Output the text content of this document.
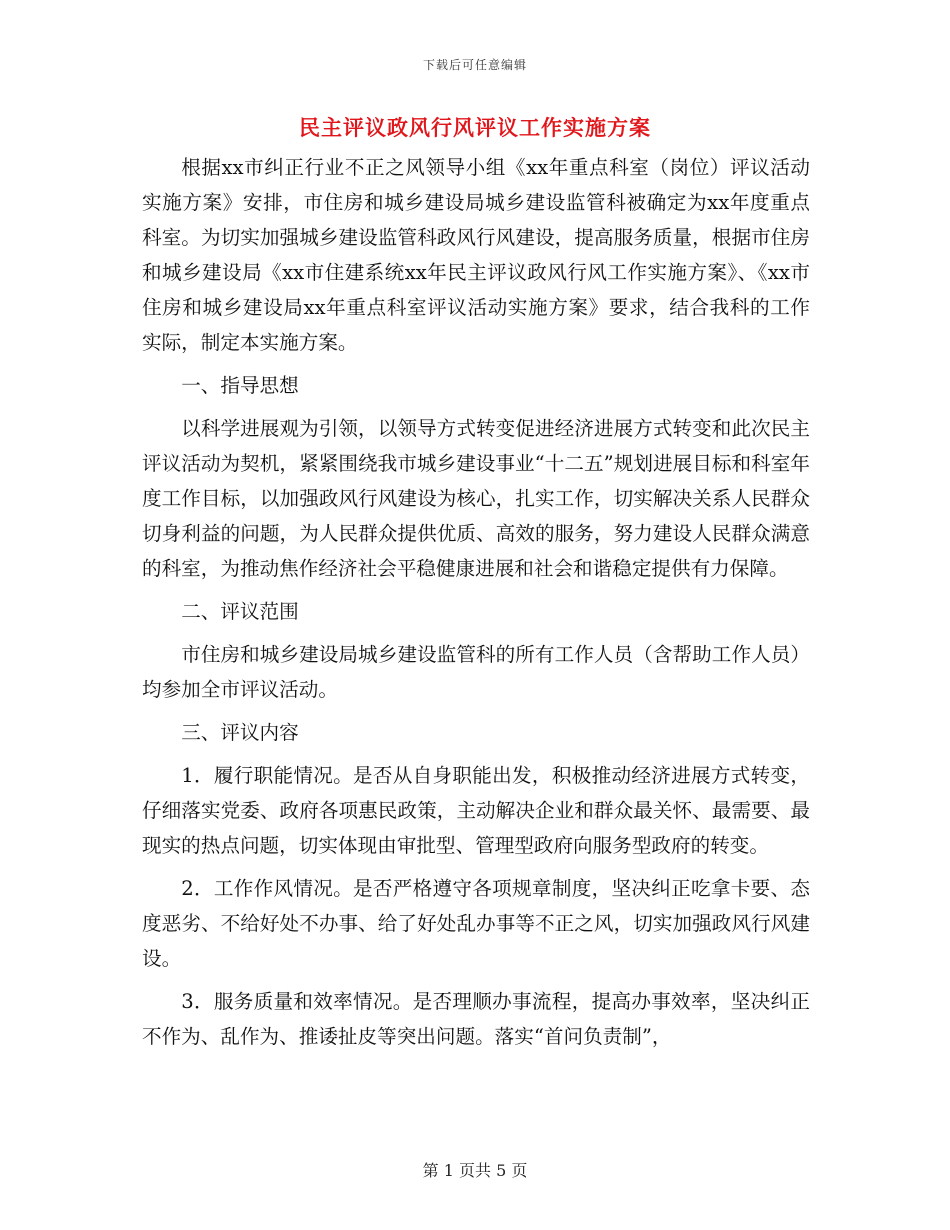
下载后可任意编辑
民主评议政风行风评议工作实施方案

根据xx市纠正行业不正之风领导小组《xx年重点科室（岗位）评议活动实施方案》安排，市住房和城乡建设局城乡建设监管科被确定为xx年度重点科室。为切实加强城乡建设监管科政风行风建设，提高服务质量，根据市住房和城乡建设局《xx市住建系统xx年民主评议政风行风工作实施方案》、《xx市住房和城乡建设局xx年重点科室评议活动实施方案》要求，结合我科的工作实际，制定本实施方案。

一、指导思想

以科学进展观为引领，以领导方式转变促进经济进展方式转变和此次民主评议活动为契机，紧紧围绕我市城乡建设事业“十二五”规划进展目标和科室年度工作目标，以加强政风行风建设为核心，扎实工作，切实解决关系人民群众切身利益的问题，为人民群众提供优质、高效的服务，努力建设人民群众满意的科室，为推动焦作经济社会平稳健康进展和社会和谐稳定提供有力保障。

二、评议范围

市住房和城乡建设局城乡建设监管科的所有工作人员（含帮助工作人员）均参加全市评议活动。

三、评议内容

1．履行职能情况。是否从自身职能出发，积极推动经济进展方式转变，仔细落实党委、政府各项惠民政策，主动解决企业和群众最关怀、最需要、最现实的热点问题，切实体现由审批型、管理型政府向服务型政府的转变。

2．工作作风情况。是否严格遵守各项规章制度，坚决纠正吃拿卡要、态度恶劣、不给好处不办事、给了好处乱办事等不正之风，切实加强政风行风建设。

3．服务质量和效率情况。是否理顺办事流程，提高办事效率，坚决纠正不作为、乱作为、推诿扯皮等突出问题。落实“首问负责制”，

第 1 页共 5 页
